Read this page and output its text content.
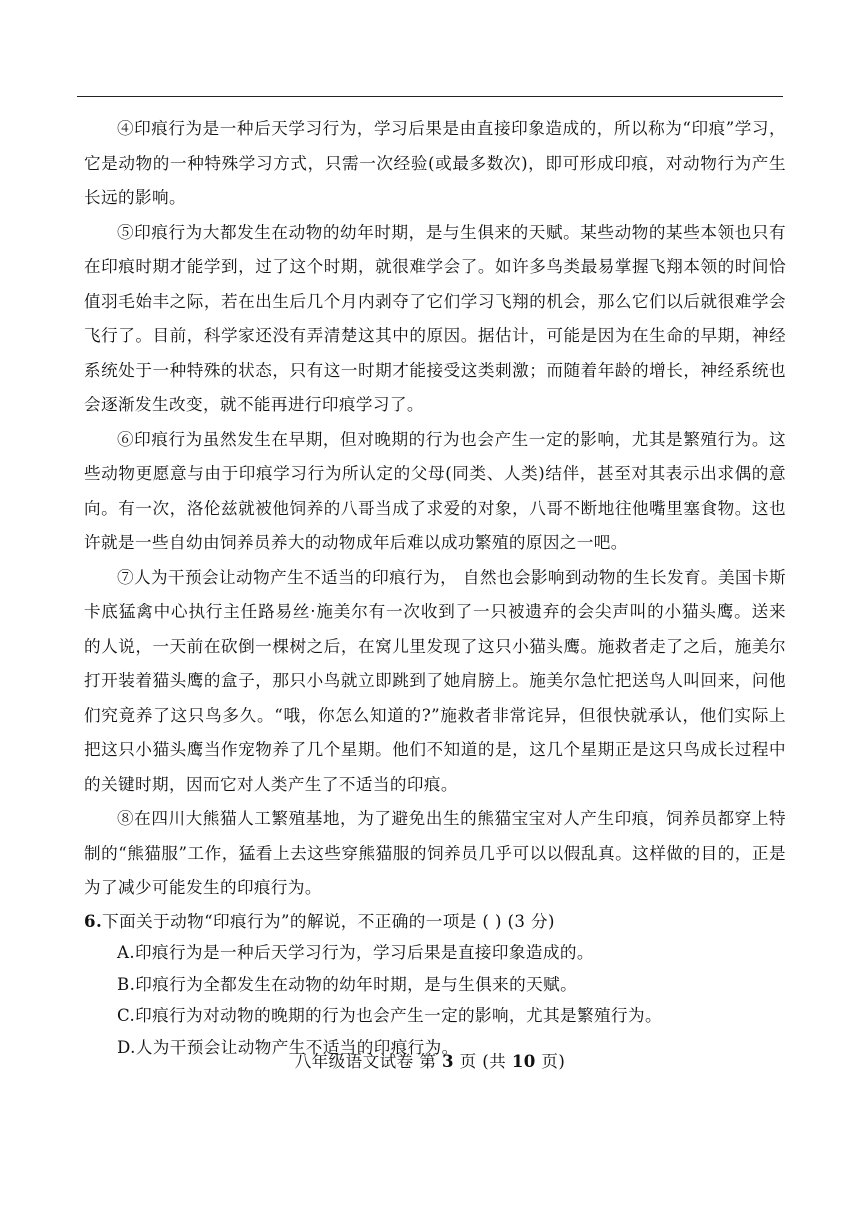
④印痕行为是一种后天学习行为，学习后果是由直接印象造成的，所以称为“印痕”学习，它是动物的一种特殊学习方式，只需一次经验(或最多数次)，即可形成印痕，对动物行为产生长远的影响。

⑤印痕行为大都发生在动物的幼年时期，是与生俱来的天赋。某些动物的某些本领也只有在印痕时期才能学到，过了这个时期，就很难学会了。如许多鸟类最易掌握飞翔本领的时间恰值羽毛始丰之际，若在出生后几个月内剥夺了它们学习飞翔的机会，那么它们以后就很难学会飞行了。目前，科学家还没有弄清楚这其中的原因。据估计，可能是因为在生命的早期，神经系统处于一种特殊的状态，只有这一时期才能接受这类刺激；而随着年龄的增长，神经系统也会逐渐发生改变，就不能再进行印痕学习了。

⑥印痕行为虽然发生在早期，但对晚期的行为也会产生一定的影响，尤其是繁殖行为。这些动物更愿意与由于印痕学习行为所认定的父母(同类、人类)结伴，甚至对其表示出求偶的意向。有一次，洛伦兹就被他饲养的八哥当成了求爱的对象，八哥不断地往他嘴里塞食物。这也许就是一些自幼由饲养员养大的动物成年后难以成功繁殖的原因之一吧。

⑦人为干预会让动物产生不适当的印痕行为， 自然也会影响到动物的生长发育。美国卡斯卡底猛禽中心执行主任路易丝·施美尔有一次收到了一只被遗弃的会尖声叫的小猫头鹰。送来的人说，一天前在砍倒一棵树之后，在窝儿里发现了这只小猫头鹰。施救者走了之后，施美尔打开装着猫头鹰的盒子，那只小鸟就立即跳到了她肩膀上。施美尔急忙把送鸟人叫回来，问他们究竟养了这只鸟多久。“哦，你怎么知道的?”施救者非常诧异，但很快就承认，他们实际上把这只小猫头鹰当作宠物养了几个星期。他们不知道的是，这几个星期正是这只鸟成长过程中的关键时期，因而它对人类产生了不适当的印痕。

⑧在四川大熊猫人工繁殖基地，为了避免出生的熊猫宝宝对人产生印痕，饲养员都穿上特制的“熊猫服”工作，猛看上去这些穿熊猫服的饲养员几乎可以以假乱真。这样做的目的，正是为了减少可能发生的印痕行为。

6.下面关于动物“印痕行为”的解说，不正确的一项是 ( ) (3 分)

A.印痕行为是一种后天学习行为，学习后果是直接印象造成的。

B.印痕行为全都发生在动物的幼年时期，是与生俱来的天赋。

C.印痕行为对动物的晚期的行为也会产生一定的影响，尤其是繁殖行为。

D.人为干预会让动物产生不适当的印痕行为。

八年级语文试卷 第 3 页 (共 10 页)
